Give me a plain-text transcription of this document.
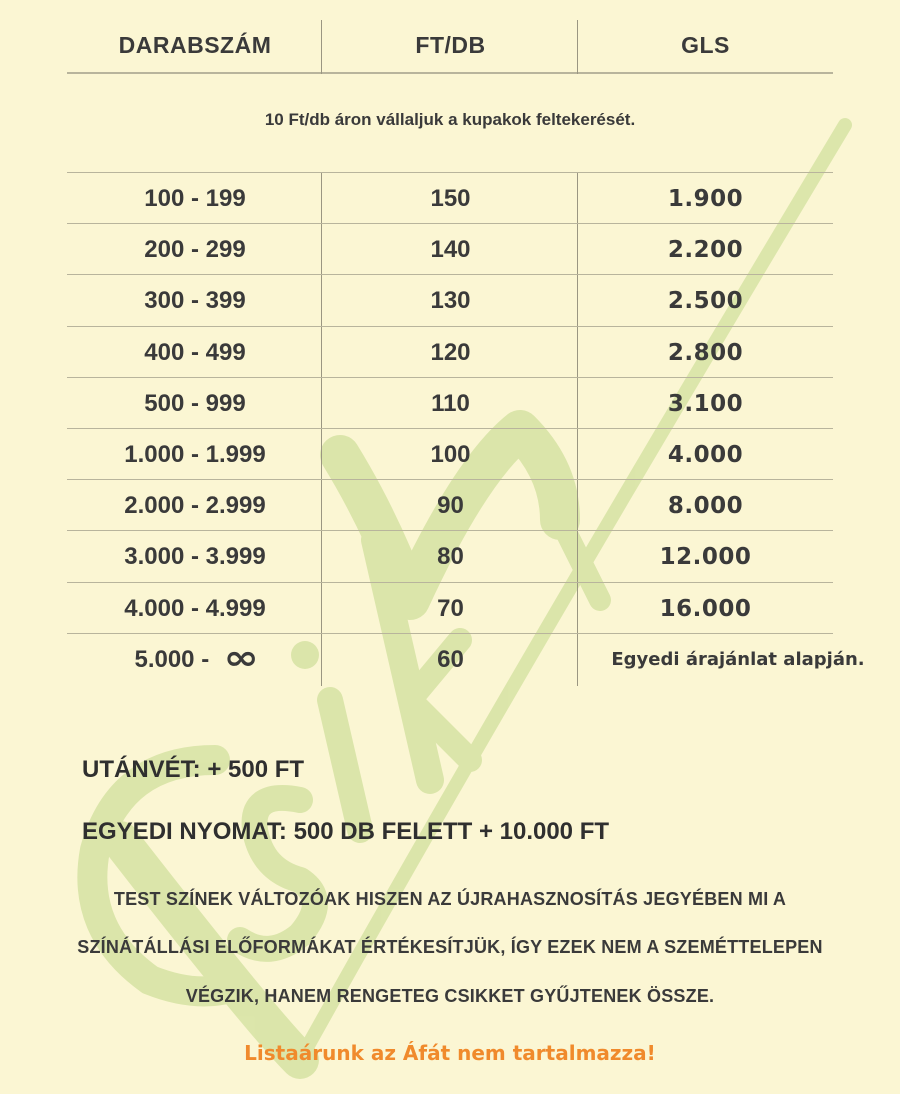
DARABSZÁM	FT/DB	GLS
10 Ft/db áron vállaljuk a kupakok feltekerését.
100 - 199	150	1.900
200 - 299	140	2.200
300 - 399	130	2.500
400 - 499	120	2.800
500 - 999	110	3.100
1.000 - 1.999	100	4.000
2.000 - 2.999	90	8.000
3.000 - 3.999	80	12.000
4.000 - 4.999	70	16.000
5.000 - ∞	60	Egyedi árajánlat alapján.
UTÁNVÉT: + 500 FT
EGYEDI NYOMAT: 500 DB FELETT + 10.000 FT
TEST SZÍNEK VÁLTOZÓAK HISZEN AZ ÚJRAHASZNOSÍTÁS JEGYÉBEN MI A
SZÍNÁTÁLLÁSI ELŐFORMÁKAT ÉRTÉKESÍTJÜK, ÍGY EZEK NEM A SZEMÉTTELEPEN
VÉGZIK, HANEM RENGETEG CSIKKET GYŰJTENEK ÖSSZE.
Listaárunk az Áfát nem tartalmazza!
